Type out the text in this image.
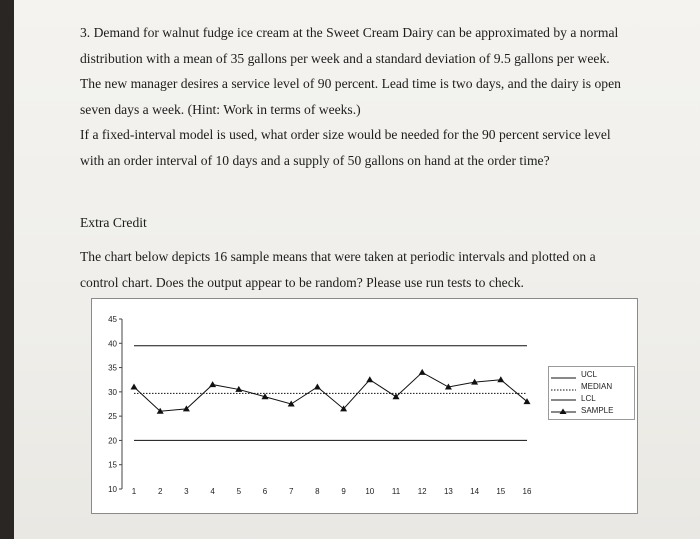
3. Demand for walnut fudge ice cream at the Sweet Cream Dairy can be approximated by a normal

distribution with a mean of 35 gallons per week and a standard deviation of 9.5 gallons per week.

The new manager desires a service level of 90 percent. Lead time is two days, and the dairy is open

seven days a week. (Hint: Work in terms of weeks.)

If a fixed-interval model is used, what order size would be needed for the 90 percent service level

with an order interval of 10 days and a supply of 50 gallons on hand at the order time?

Extra Credit

The chart below depicts 16 sample means that were taken at periodic intervals and plotted on a

control chart. Does the output appear to be random? Please use run tests to check.

45
40
35
30
25
20
15
10 1	2	3	4	5	6	7	8	9 10 11 12 13 14 15 16
UCL
MEDIAN
LCL
SAMPLE
